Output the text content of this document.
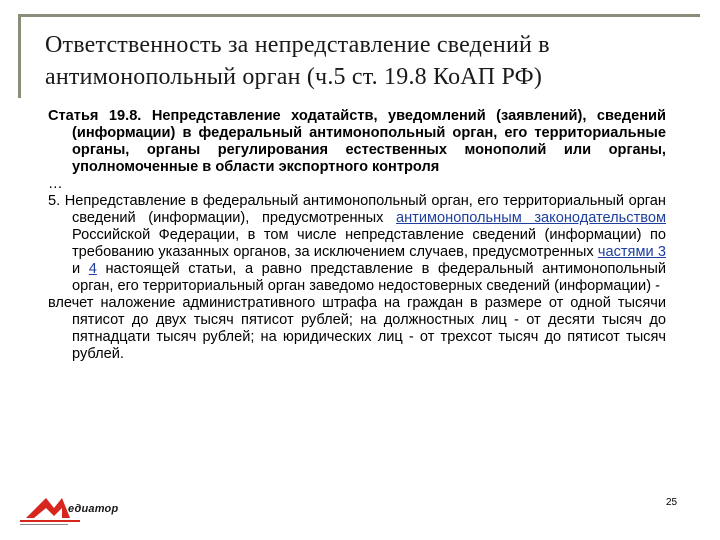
Ответственность за непредставление сведений в антимонопольный орган (ч.5 ст. 19.8 КоАП РФ)

Статья 19.8. Непредставление ходатайств, уведомлений (заявлений), сведений (информации) в федеральный антимонопольный орган, его территориальные органы, органы регулирования естественных монополий или органы, уполномоченные в области экспортного контроля

…

5. Непредставление в федеральный антимонопольный орган, его территориальный орган сведений (информации), предусмотренных антимонопольным законодательством Российской Федерации, в том числе непредставление сведений (информации) по требованию указанных органов, за исключением случаев, предусмотренных частями 3 и 4 настоящей статьи, а равно представление в федеральный антимонопольный орган, его территориальный орган заведомо недостоверных сведений (информации) -

влечет наложение административного штрафа на граждан в размере от одной тысячи пятисот до двух тысяч пятисот рублей; на должностных лиц - от десяти тысяч до пятнадцати тысяч рублей; на юридических лиц - от трехсот тысяч до пятисот тысяч рублей.

25
едиатор
